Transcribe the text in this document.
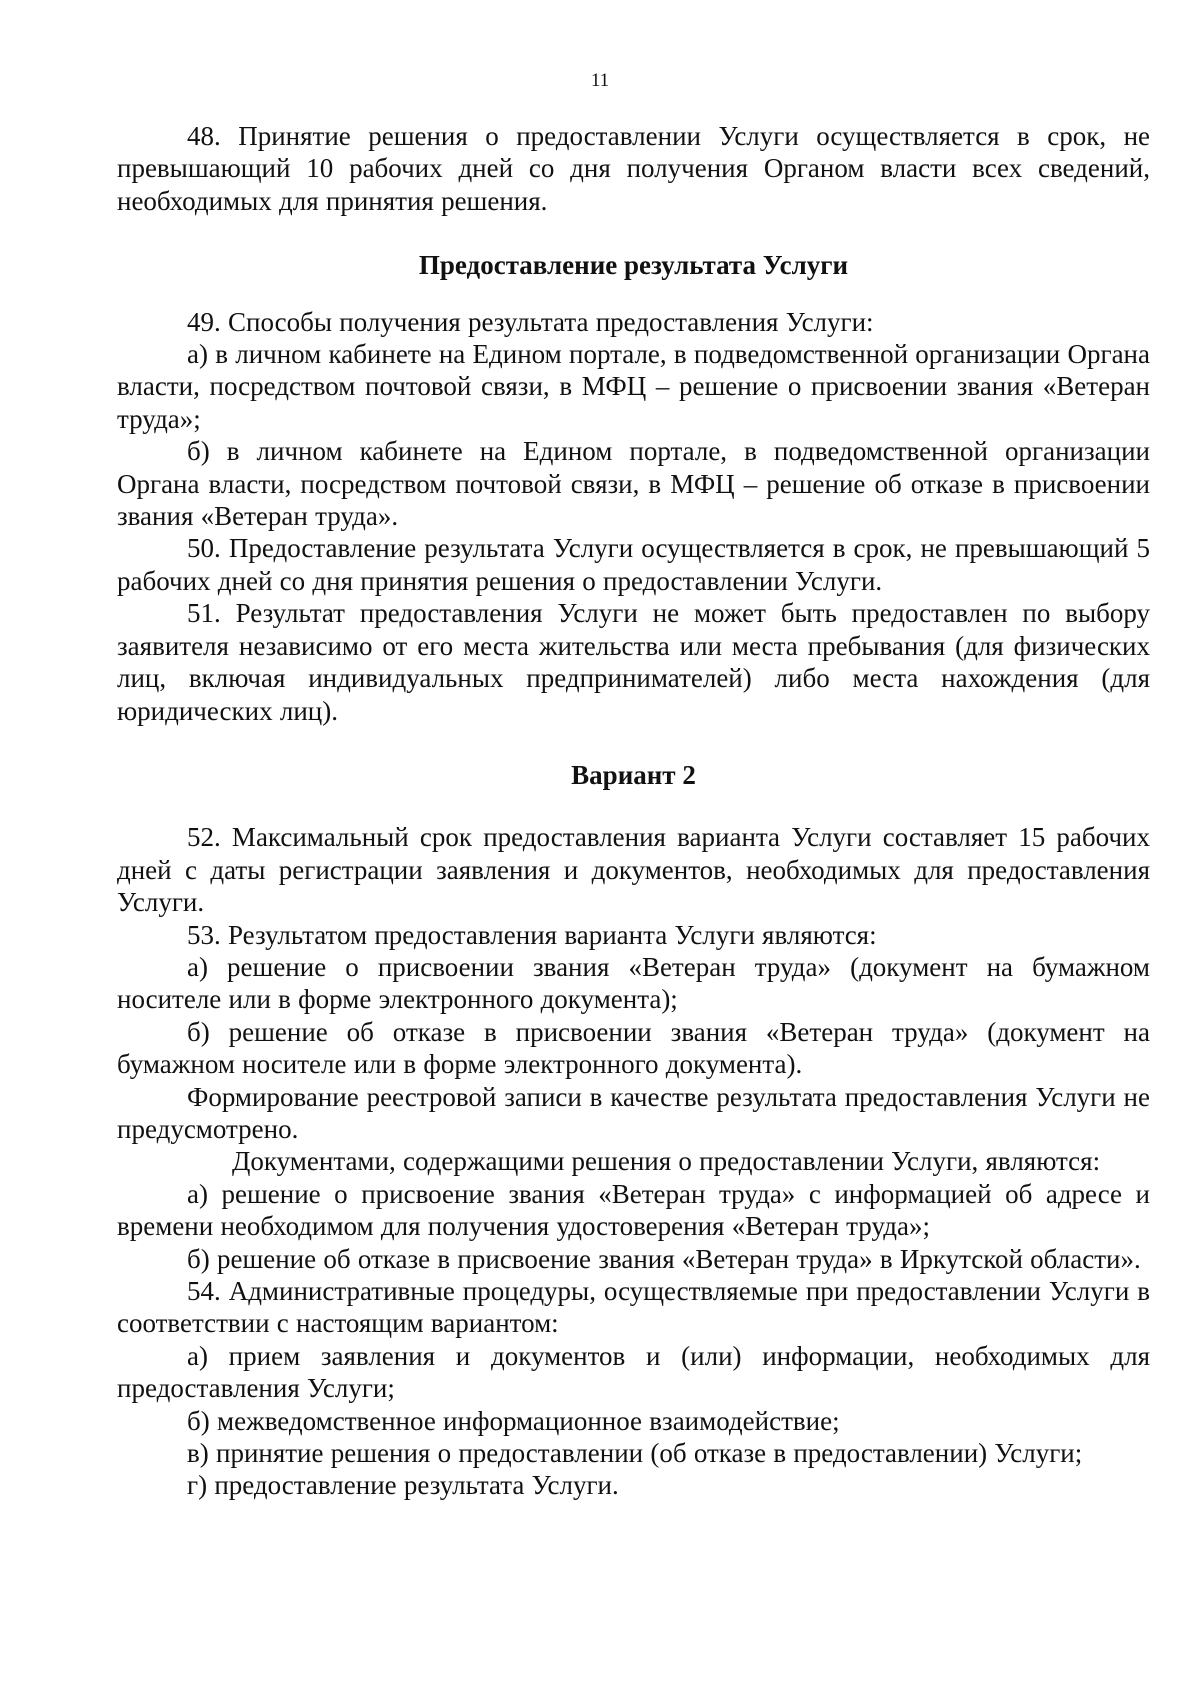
11

48. Принятие решения о предоставлении Услуги осуществляется в срок, не превышающий 10 рабочих дней со дня получения Органом власти всех сведений, необходимых для принятия решения.

Предоставление результата Услуги

49. Способы получения результата предоставления Услуги:

а) в личном кабинете на Едином портале, в подведомственной организации Органа власти, посредством почтовой связи, в МФЦ – решение о присвоении звания «Ветеран труда»;

б) в личном кабинете на Едином портале, в подведомственной организации Органа власти, посредством почтовой связи, в МФЦ – решение об отказе в присвоении звания «Ветеран труда».

50. Предоставление результата Услуги осуществляется в срок, не превышающий 5 рабочих дней со дня принятия решения о предоставлении Услуги.

51. Результат предоставления Услуги не может быть предоставлен по выбору заявителя независимо от его места жительства или места пребывания (для физических лиц, включая индивидуальных предпринимателей) либо места нахождения (для юридических лиц).

Вариант 2

52. Максимальный срок предоставления варианта Услуги составляет 15 рабочих дней с даты регистрации заявления и документов, необходимых для предоставления Услуги.

53. Результатом предоставления варианта Услуги являются:

а) решение о присвоении звания «Ветеран труда» (документ на бумажном носителе или в форме электронного документа);

б) решение об отказе в присвоении звания «Ветеран труда» (документ на бумажном носителе или в форме электронного документа).

Формирование реестровой записи в качестве результата предоставления Услуги не предусмотрено.

Документами, содержащими решения о предоставлении Услуги, являются:

а) решение о присвоение звания «Ветеран труда» с информацией об адресе и времени необходимом для получения удостоверения «Ветеран труда»;

б) решение об отказе в присвоение звания «Ветеран труда» в Иркутской области».

54. Административные процедуры, осуществляемые при предоставлении Услуги в соответствии с настоящим вариантом:

а) прием заявления и документов и (или) информации, необходимых для предоставления Услуги;

б) межведомственное информационное взаимодействие;

в) принятие решения о предоставлении (об отказе в предоставлении) Услуги;

г) предоставление результата Услуги.
